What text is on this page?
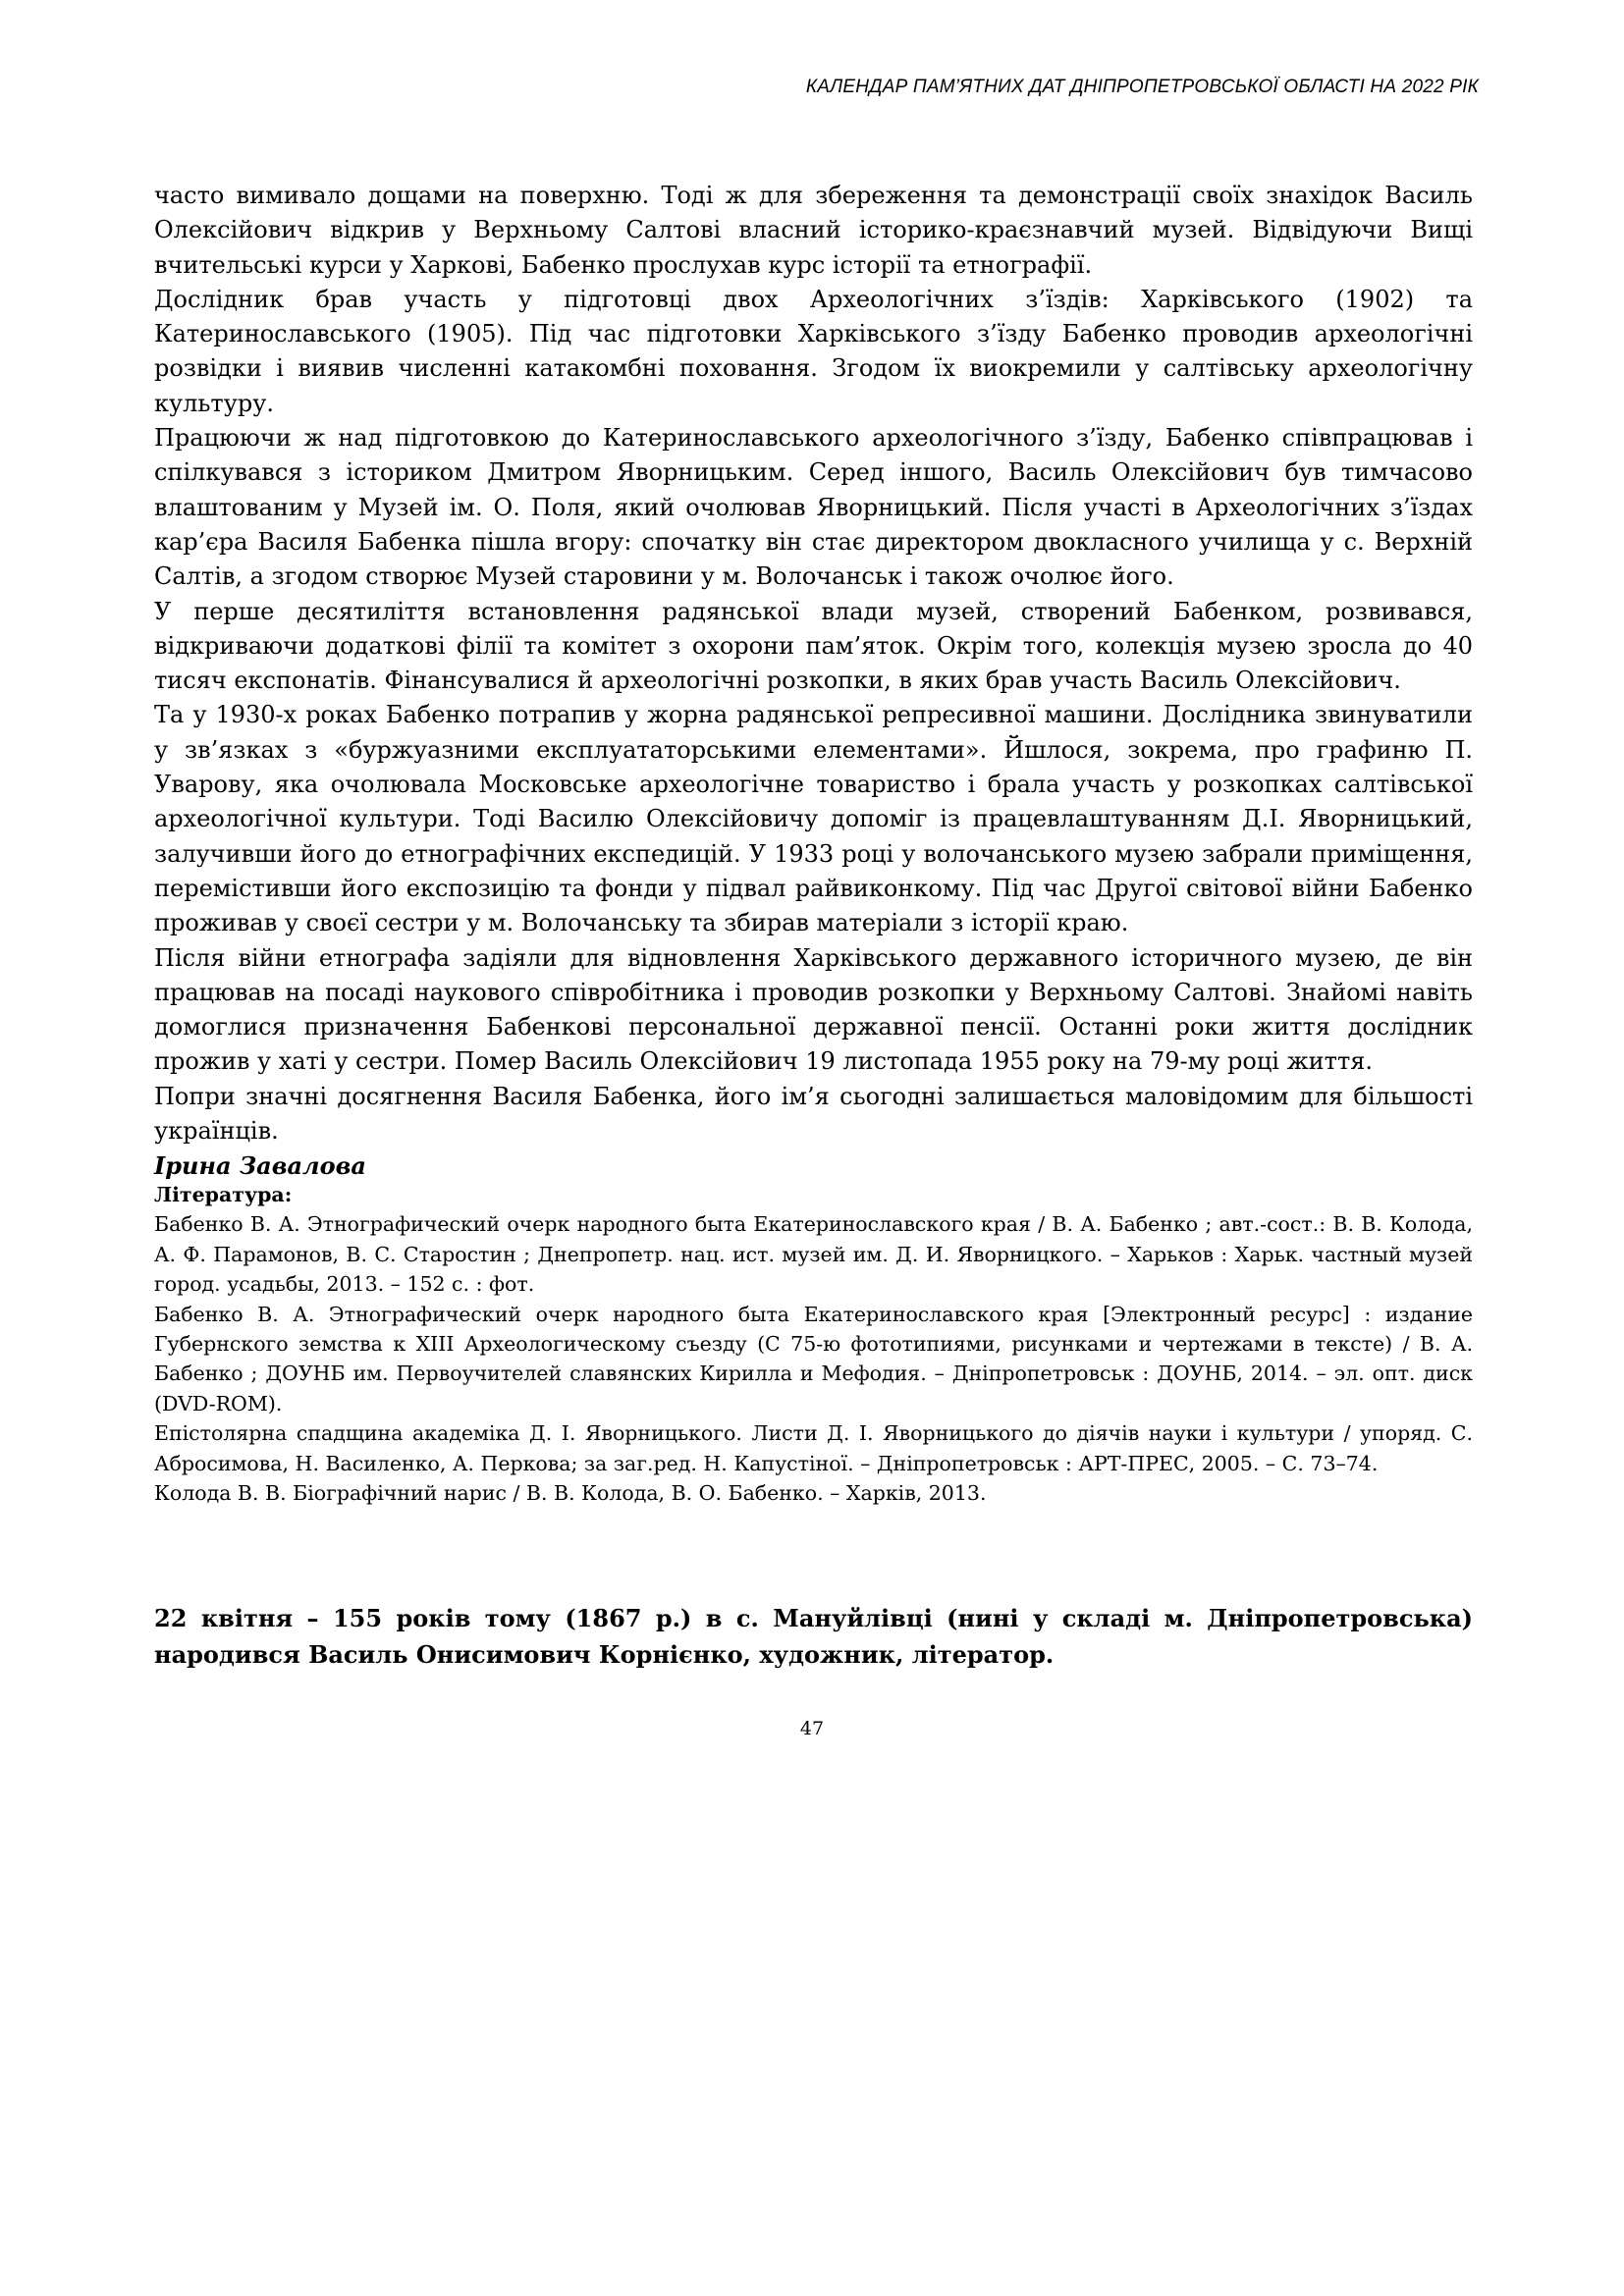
КАЛЕНДАР ПАМ’ЯТНИХ ДАТ ДНІПРОПЕТРОВСЬКОЇ ОБЛАСТІ НА 2022 РІК

часто вимивало дощами на поверхню. Тоді ж для збереження та демонстрації своїх знахідок Василь Олексійович відкрив у Верхньому Салтові власний історико-краєзнавчий музей. Відвідуючи Вищі вчительські курси у Харкові, Бабенко прослухав курс історії та етнографії.

Дослідник брав участь у підготовці двох Археологічних з’їздів: Харківського (1902) та Катеринославського (1905). Під час підготовки Харківського з’їзду Бабенко проводив археологічні розвідки і виявив численні катакомбні поховання. Згодом їх виокремили у салтівську археологічну культуру.

Працюючи ж над підготовкою до Катеринославського археологічного з’їзду, Бабенко співпрацював і спілкувався з істориком Дмитром Яворницьким. Серед іншого, Василь Олексійович був тимчасово влаштованим у Музей ім. О. Поля, який очолював Яворницький. Після участі в Археологічних з’їздах кар’єра Василя Бабенка пішла вгору: спочатку він стає директором двокласного училища у с. Верхній Салтів, а згодом створює Музей старовини у м. Волочанськ і також очолює його.

У перше десятиліття встановлення радянської влади музей, створений Бабенком, розвивався, відкриваючи додаткові філії та комітет з охорони пам’яток. Окрім того, колекція музею зросла до 40 тисяч експонатів. Фінансувалися й археологічні розкопки, в яких брав участь Василь Олексійович.

Та у 1930-х роках Бабенко потрапив у жорна радянської репресивної машини. Дослідника звинуватили у зв’язках з «буржуазними експлуататорськими елементами». Йшлося, зокрема, про графиню П. Уварову, яка очолювала Московське археологічне товариство і брала участь у розкопках салтівської археологічної культури. Тоді Василю Олексійовичу допоміг із працевлаштуванням Д.І. Яворницький, залучивши його до етнографічних експедицій. У 1933 році у волочанського музею забрали приміщення, перемістивши його експозицію та фонди у підвал райвиконкому. Під час Другої світової війни Бабенко проживав у своєї сестри у м. Волочанську та збирав матеріали з історії краю.

Після війни етнографа задіяли для відновлення Харківського державного історичного музею, де він працював на посаді наукового співробітника і проводив розкопки у Верхньому Салтові. Знайомі навіть домоглися призначення Бабенкові персональної державної пенсії. Останні роки життя дослідник прожив у хаті у сестри. Помер Василь Олексійович 19 листопада 1955 року на 79-му році життя.

Попри значні досягнення Василя Бабенка, його ім’я сьогодні залишається маловідомим для більшості українців.

Ірина Завалова

Література:

Бабенко В. А. Этнографический очерк народного быта Екатеринославского края / В. А. Бабенко ; авт.-сост.: В. В. Колода, А. Ф. Парамонов, В. С. Старостин ; Днепропетр. нац. ист. музей им. Д. И. Яворницкого. – Харьков : Харьк. частный музей город. усадьбы, 2013. – 152 с. : фот.

Бабенко В. А. Этнографический очерк народного быта Екатеринославского края [Электронный ресурс] : издание Губернского земства к ХІІІ Археологическому съезду (С 75-ю фототипиями, рисунками и чертежами в тексте) / В. А. Бабенко ; ДОУНБ им. Первоучителей славянских Кирилла и Мефодия. – Дніпропетровськ : ДОУНБ, 2014. – эл. опт. диск (DVD-ROM).

Епістолярна спадщина академіка Д. І. Яворницького. Листи Д. І. Яворницького до діячів науки і культури / упоряд. С. Абросимова, Н. Василенко, А. Перкова; за заг.ред. Н. Капустіної. – Дніпропетровськ : АРТ-ПРЕС, 2005. – С. 73–74.

Колода В. В. Біографічний нарис / В. В. Колода, В. О. Бабенко. – Харків, 2013.

22 квітня – 155 років тому (1867 р.) в с. Мануйлівці (нині у складі м. Дніпропетровська) народився Василь Онисимович Корнієнко, художник, літератор.

47
